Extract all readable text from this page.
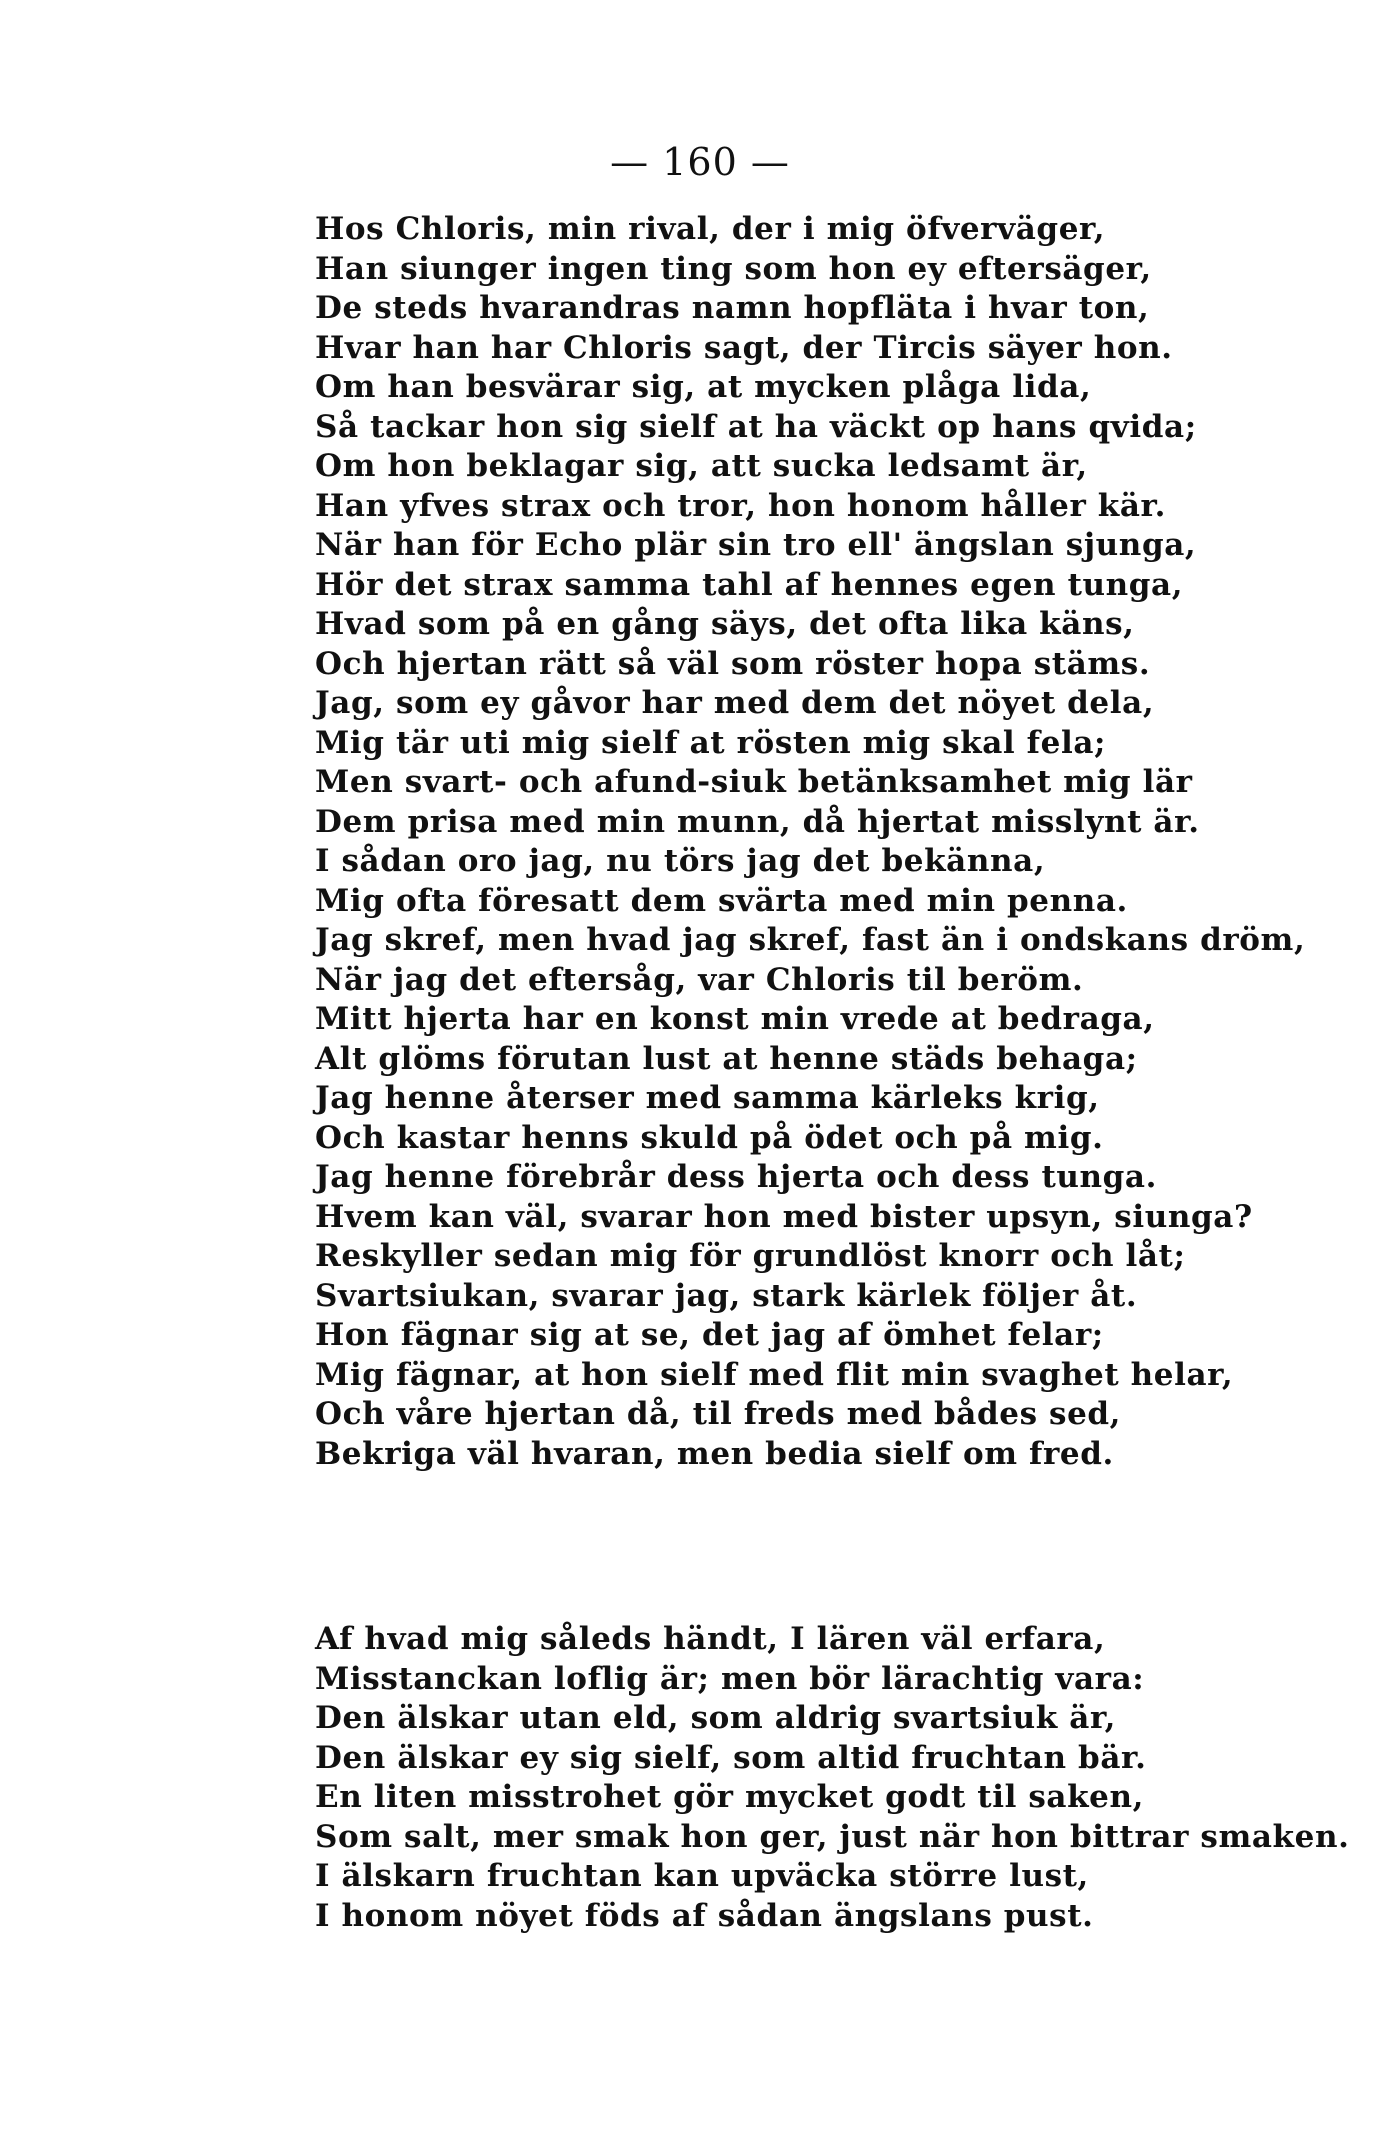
— 160 —
Hos Chloris, min rival, der i mig öfverväger,
Han siunger ingen ting som hon ey eftersäger,
De steds hvarandras namn hopfläta i hvar ton,
Hvar han har Chloris sagt, der Tircis säyer hon.
Om han besvärar sig, at mycken plåga lida,
Så tackar hon sig sielf at ha väckt op hans qvida;
Om hon beklagar sig, att sucka ledsamt är,
Han yfves strax och tror, hon honom håller kär.
När han för Echo plär sin tro ell' ängslan sjunga,
Hör det strax samma tahl af hennes egen tunga,
Hvad som på en gång säys, det ofta lika käns,
Och hjertan rätt så väl som röster hopa stäms.
Jag, som ey gåvor har med dem det nöyet dela,
Mig tär uti mig sielf at rösten mig skal fela;
Men svart- och afund-siuk betänksamhet mig lär
Dem prisa med min munn, då hjertat misslynt är.
I sådan oro jag, nu törs jag det bekänna,
Mig ofta föresatt dem svärta med min penna.
Jag skref, men hvad jag skref, fast än i ondskans dröm,
När jag det eftersåg, var Chloris til beröm.
Mitt hjerta har en konst min vrede at bedraga,
Alt glöms förutan lust at henne städs behaga;
Jag henne återser med samma kärleks krig,
Och kastar henns skuld på ödet och på mig.
Jag henne förebrår dess hjerta och dess tunga.
Hvem kan väl, svarar hon med bister upsyn, siunga?
Reskyller sedan mig för grundlöst knorr och låt;
Svartsiukan, svarar jag, stark kärlek följer åt.
Hon fägnar sig at se, det jag af ömhet felar;
Mig fägnar, at hon sielf med flit min svaghet helar,
Och våre hjertan då, til freds med bådes sed,
Bekriga väl hvaran, men bedia sielf om fred.
Af hvad mig såleds händt, I lären väl erfara,
Misstanckan loflig är; men bör lärachtig vara:
Den älskar utan eld, som aldrig svartsiuk är,
Den älskar ey sig sielf, som altid fruchtan bär.
En liten misstrohet gör mycket godt til saken,
Som salt, mer smak hon ger, just när hon bittrar smaken.
I älskarn fruchtan kan upväcka större lust,
I honom nöyet föds af sådan ängslans pust.
